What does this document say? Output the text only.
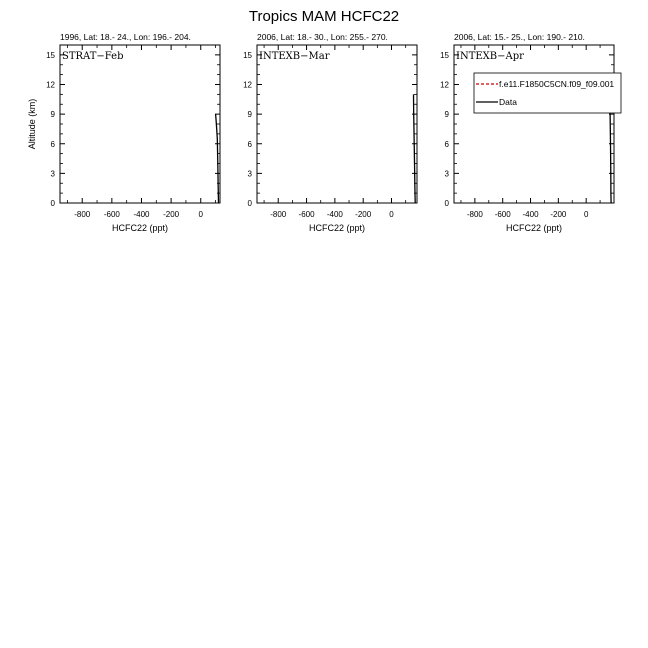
Tropics MAM HCFC22
1996, Lat: 18.- 24., Lon: 196.- 204.
STRAT−Feb
-800 -600 -400 -200 0
0
3
6
9
12
15
HCFC22 (ppt)
Altitude (km)
2006, Lat: 18.- 30., Lon: 255.- 270.
INTEXB−Mar
-800 -600 -400 -200 0
0
3
6
9
12
15
HCFC22 (ppt)
2006, Lat: 15.- 25., Lon: 190.- 210.
INTEXB−Apr
-800 -600 -400 -200 0
0
3
6
9
12
15
HCFC22 (ppt)
f.e11.F1850C5CN.f09_f09.001
Data
